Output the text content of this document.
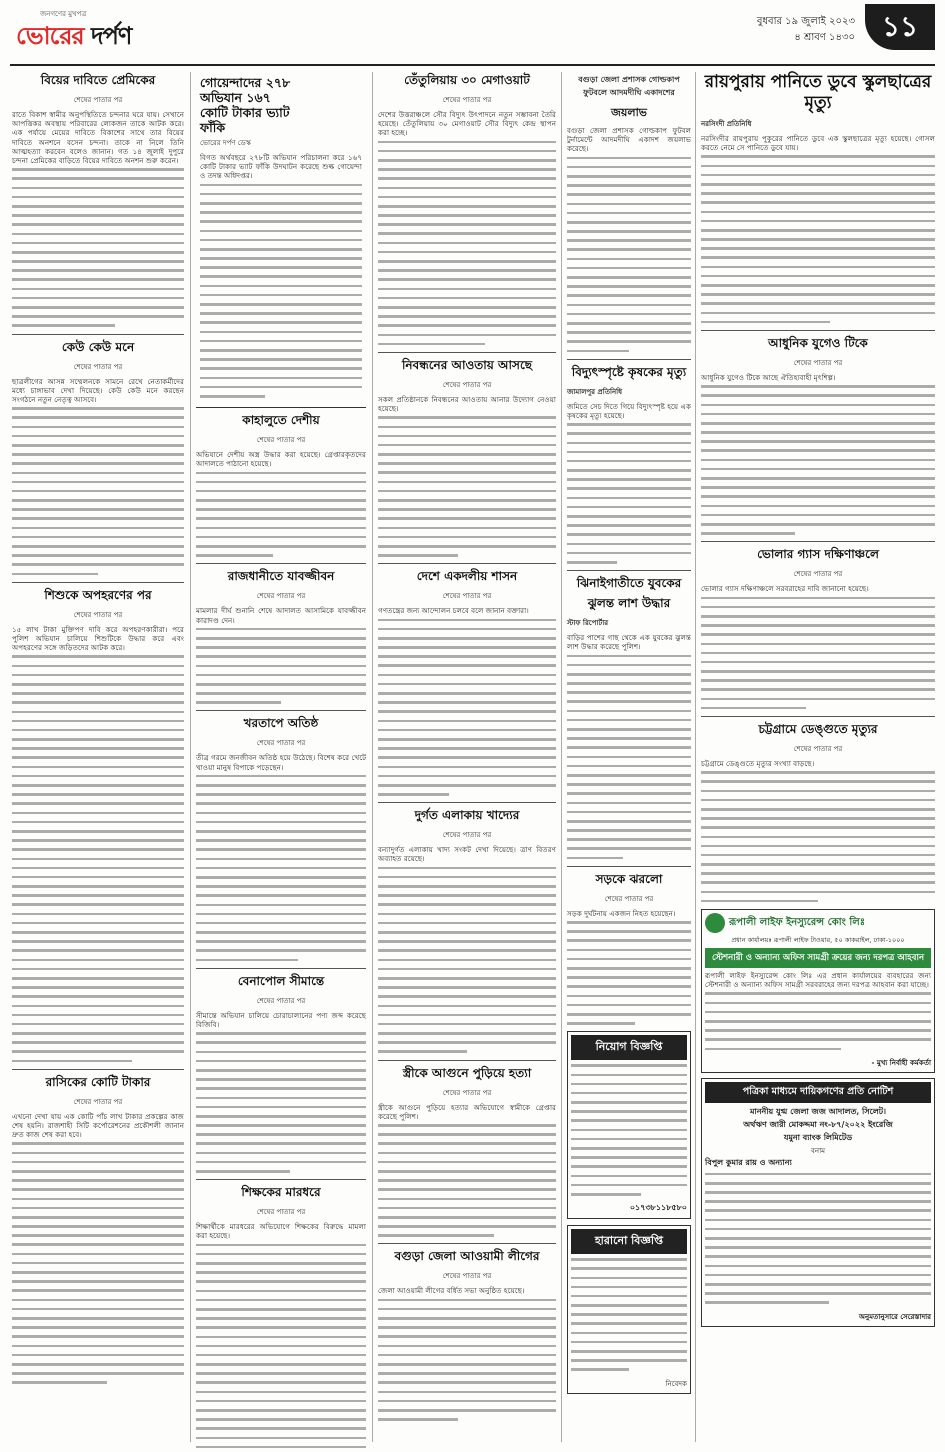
জনগণের মুখপত্র
ভোরের দর্পণ
বুধবার ১৯ জুলাই ২০২৩
৪ শ্রাবণ ১৪৩০ ১১
বিয়ের দাবিতে প্রেমিকের
শেষের পাতার পর

রাতে বিকাশ স্বামীর অনুপস্থিতিতে চন্দনার ঘরে যায়। সেখানে আপত্তিকর অবস্থায় পরিবারের লোকজন তাকে আটক করে। এক পর্যায়ে মেয়ের দাবিতে বিকাশের সাথে তার বিয়ের দাবিতে অনশনে বসেন চন্দনা। তাকে না নিলে তিনি আত্মহত্যা করবেন বলেও জানান। গত ১৪ জুলাই দুপুরে চন্দনা প্রেমিকের বাড়িতে বিয়ের দাবিতে অনশন শুরু করেন।

কেউ কেউ মনে
শেষের পাতার পর

ছাত্রলীগের আসন্ন সম্মেলনকে সামনে রেখে নেতাকর্মীদের মধ্যে চাঙ্গাভাব দেখা দিয়েছে। কেউ কেউ মনে করছেন সংগঠনে নতুন নেতৃত্ব আসবে।

শিশুকে অপহরণের পর
শেষের পাতার পর

১৫ লাখ টাকা মুক্তিপণ দাবি করে অপহরণকারীরা। পরে পুলিশ অভিযান চালিয়ে শিশুটিকে উদ্ধার করে এবং অপহরণের সঙ্গে জড়িতদের আটক করে।

রাসিকের কোটি টাকার
শেষের পাতার পর

এখনো দেখা যায় এক কোটি পাঁচ লাখ টাকার প্রকল্পের কাজ শেষ হয়নি। রাজশাহী সিটি কর্পোরেশনের প্রকৌশলী জানান দ্রুত কাজ শেষ করা হবে।

গোয়েন্দাদের ২৭৮ অভিযান ১৬৭ কোটি টাকার ভ্যাট ফাঁকি
ভোরের দর্পণ ডেস্ক

বিগত অর্থবছরে ২৭৮টি অভিযান পরিচালনা করে ১৬৭ কোটি টাকার ভ্যাট ফাঁকি উদঘাটন করেছে শুল্ক গোয়েন্দা ও তদন্ত অধিদপ্তর।

কাহালুতে দেশীয়
শেষের পাতার পর

অভিযানে দেশীয় অস্ত্র উদ্ধার করা হয়েছে। গ্রেপ্তারকৃতদের আদালতে পাঠানো হয়েছে।

রাজধানীতে যাবজ্জীবন
শেষের পাতার পর

মামলার দীর্ঘ শুনানি শেষে আদালত আসামিকে যাবজ্জীবন কারাদণ্ড দেন।

খরতাপে অতিষ্ঠ
শেষের পাতার পর

তীব্র গরমে জনজীবন অতিষ্ঠ হয়ে উঠেছে। বিশেষ করে খেটে খাওয়া মানুষ বিপাকে পড়েছেন।

বেনাপোল সীমান্তে
শেষের পাতার পর

সীমান্তে অভিযান চালিয়ে চোরাচালানের পণ্য জব্দ করেছে বিজিবি।

শিক্ষকের মারধরে
শেষের পাতার পর

শিক্ষার্থীকে মারধরের অভিযোগে শিক্ষকের বিরুদ্ধে মামলা করা হয়েছে।

তেঁতুলিয়ায় ৩০ মেগাওয়াট
শেষের পাতার পর

দেশের উত্তরাঞ্চলে সৌর বিদ্যুৎ উৎপাদনে নতুন সম্ভাবনা তৈরি হয়েছে। তেঁতুলিয়ায় ৩০ মেগাওয়াট সৌর বিদ্যুৎ কেন্দ্র স্থাপন করা হচ্ছে।

নিবন্ধনের আওতায় আসছে
শেষের পাতার পর

সকল প্রতিষ্ঠানকে নিবন্ধনের আওতায় আনার উদ্যোগ নেওয়া হয়েছে।

দেশে একদলীয় শাসন
শেষের পাতার পর

গণতন্ত্রের জন্য আন্দোলন চলবে বলে জানান বক্তারা।

দুর্গত এলাকায় খাদ্যের
শেষের পাতার পর

বন্যাদুর্গত এলাকায় খাদ্য সংকট দেখা দিয়েছে। ত্রাণ বিতরণ অব্যাহত রয়েছে।

স্ত্রীকে আগুনে পুড়িয়ে হত্যা
শেষের পাতার পর

স্ত্রীকে আগুনে পুড়িয়ে হত্যার অভিযোগে স্বামীকে গ্রেপ্তার করেছে পুলিশ।

বগুড়া জেলা আওয়ামী লীগের
শেষের পাতার পর

জেলা আওয়ামী লীগের বর্ধিত সভা অনুষ্ঠিত হয়েছে।

বগুড়া জেলা প্রশাসক গোল্ডকাপ ফুটবলে আদমদীঘি একাদশের
জয়লাভ

বগুড়া জেলা প্রশাসক গোল্ডকাপ ফুটবল টুর্নামেন্টে আদমদীঘি একাদশ জয়লাভ করেছে।

বিদ্যুৎস্পৃষ্টে কৃষকের মৃত্যু
জামালপুর প্রতিনিধি

জমিতে সেচ দিতে গিয়ে বিদ্যুৎস্পৃষ্ট হয়ে এক কৃষকের মৃত্যু হয়েছে।

ঝিনাইগাতীতে যুবকের ঝুলন্ত লাশ উদ্ধার
স্টাফ রিপোর্টার

বাড়ির পাশের গাছ থেকে এক যুবকের ঝুলন্ত লাশ উদ্ধার করেছে পুলিশ।

সড়কে ঝরলো
শেষের পাতার পর

সড়ক দুর্ঘটনায় একজন নিহত হয়েছেন।

নিয়োগ বিজ্ঞপ্তি
০১৭৩৮১১৮৫৮০
হারানো বিজ্ঞপ্তি
নিবেদক
রায়পুরায় পানিতে ডুবে স্কুলছাত্রের মৃত্যু
নরসিংদী প্রতিনিধি

নরসিংদীর রায়পুরায় পুকুরের পানিতে ডুবে এক স্কুলছাত্রের মৃত্যু হয়েছে। গোসল করতে নেমে সে পানিতে ডুবে যায়।

আধুনিক যুগেও টিকে
শেষের পাতার পর

আধুনিক যুগেও টিকে আছে ঐতিহ্যবাহী মৃৎশিল্প।

ভোলার গ্যাস দক্ষিণাঞ্চলে
শেষের পাতার পর

ভোলার গ্যাস দক্ষিণাঞ্চলে সরবরাহের দাবি জানানো হয়েছে।

চট্টগ্রামে ডেঙ্গুতে মৃত্যুর
শেষের পাতার পর

চট্টগ্রামে ডেঙ্গুতে মৃত্যুর সংখ্যা বাড়ছে।

রূপালী লাইফ ইনস্যুরেন্স কোং লিঃ
প্রধান কার্যালয়ঃ রূপালী লাইফ টাওয়ার, ৫০ কাকরাইল, ঢাকা-১০০০
স্টেশনারী ও অন্যান্য অফিস সামগ্রী ক্রয়ের জন্য দরপত্র আহবান

রূপালী লাইফ ইনস্যুরেন্স কোং লিঃ এর প্রধান কার্যালয়ের ব্যবহারের জন্য স্টেশনারী ও অন্যান্য অফিস সামগ্রী সরবরাহের জন্য দরপত্র আহবান করা যাচ্ছে।

- মুখ্য নির্বাহী কর্মকর্তা
পত্রিকা মাধ্যমে দায়িকগণের প্রতি নোটিশ
মাননীয় যুগ্ম জেলা জজ আদালত, সিলেট।
অর্থঋণ জারী মোকদ্দমা নং-৮৭/২০২২ ইংরেজি
যমুনা ব্যাংক লিমিটেড
বনাম
বিপুল কুমার রায় ও অন্যান্য
অনুমতানুসারে সেরেস্তাদার
